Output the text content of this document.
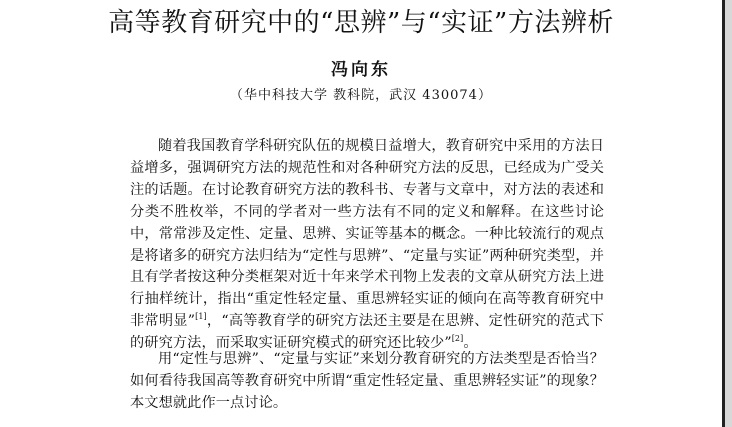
高等教育研究中的“思辨”与“实证”方法辨析
冯向东
（华中科技大学 教科院，武汉 430074）

随着我国教育学科研究队伍的规模日益增大，教育研究中采用的方法日益增多，强调研究方法的规范性和对各种研究方法的反思，已经成为广受关注的话题。在讨论教育研究方法的教科书、专著与文章中，对方法的表述和分类不胜枚举，不同的学者对一些方法有不同的定义和解释。在这些讨论中，常常涉及定性、定量、思辨、实证等基本的概念。一种比较流行的观点是将诸多的研究方法归结为“定性与思辨”、“定量与实证”两种研究类型，并且有学者按这种分类框架对近十年来学术刊物上发表的文章从研究方法上进行抽样统计，指出“重定性轻定量、重思辨轻实证的倾向在高等教育研究中非常明显”[1]，“高等教育学的研究方法还主要是在思辨、定性研究的范式下的研究方法，而采取实证研究模式的研究还比较少”[2]。

用“定性与思辨”、“定量与实证”来划分教育研究的方法类型是否恰当？如何看待我国高等教育研究中所谓“重定性轻定量、重思辨轻实证”的现象？本文想就此作一点讨论。
